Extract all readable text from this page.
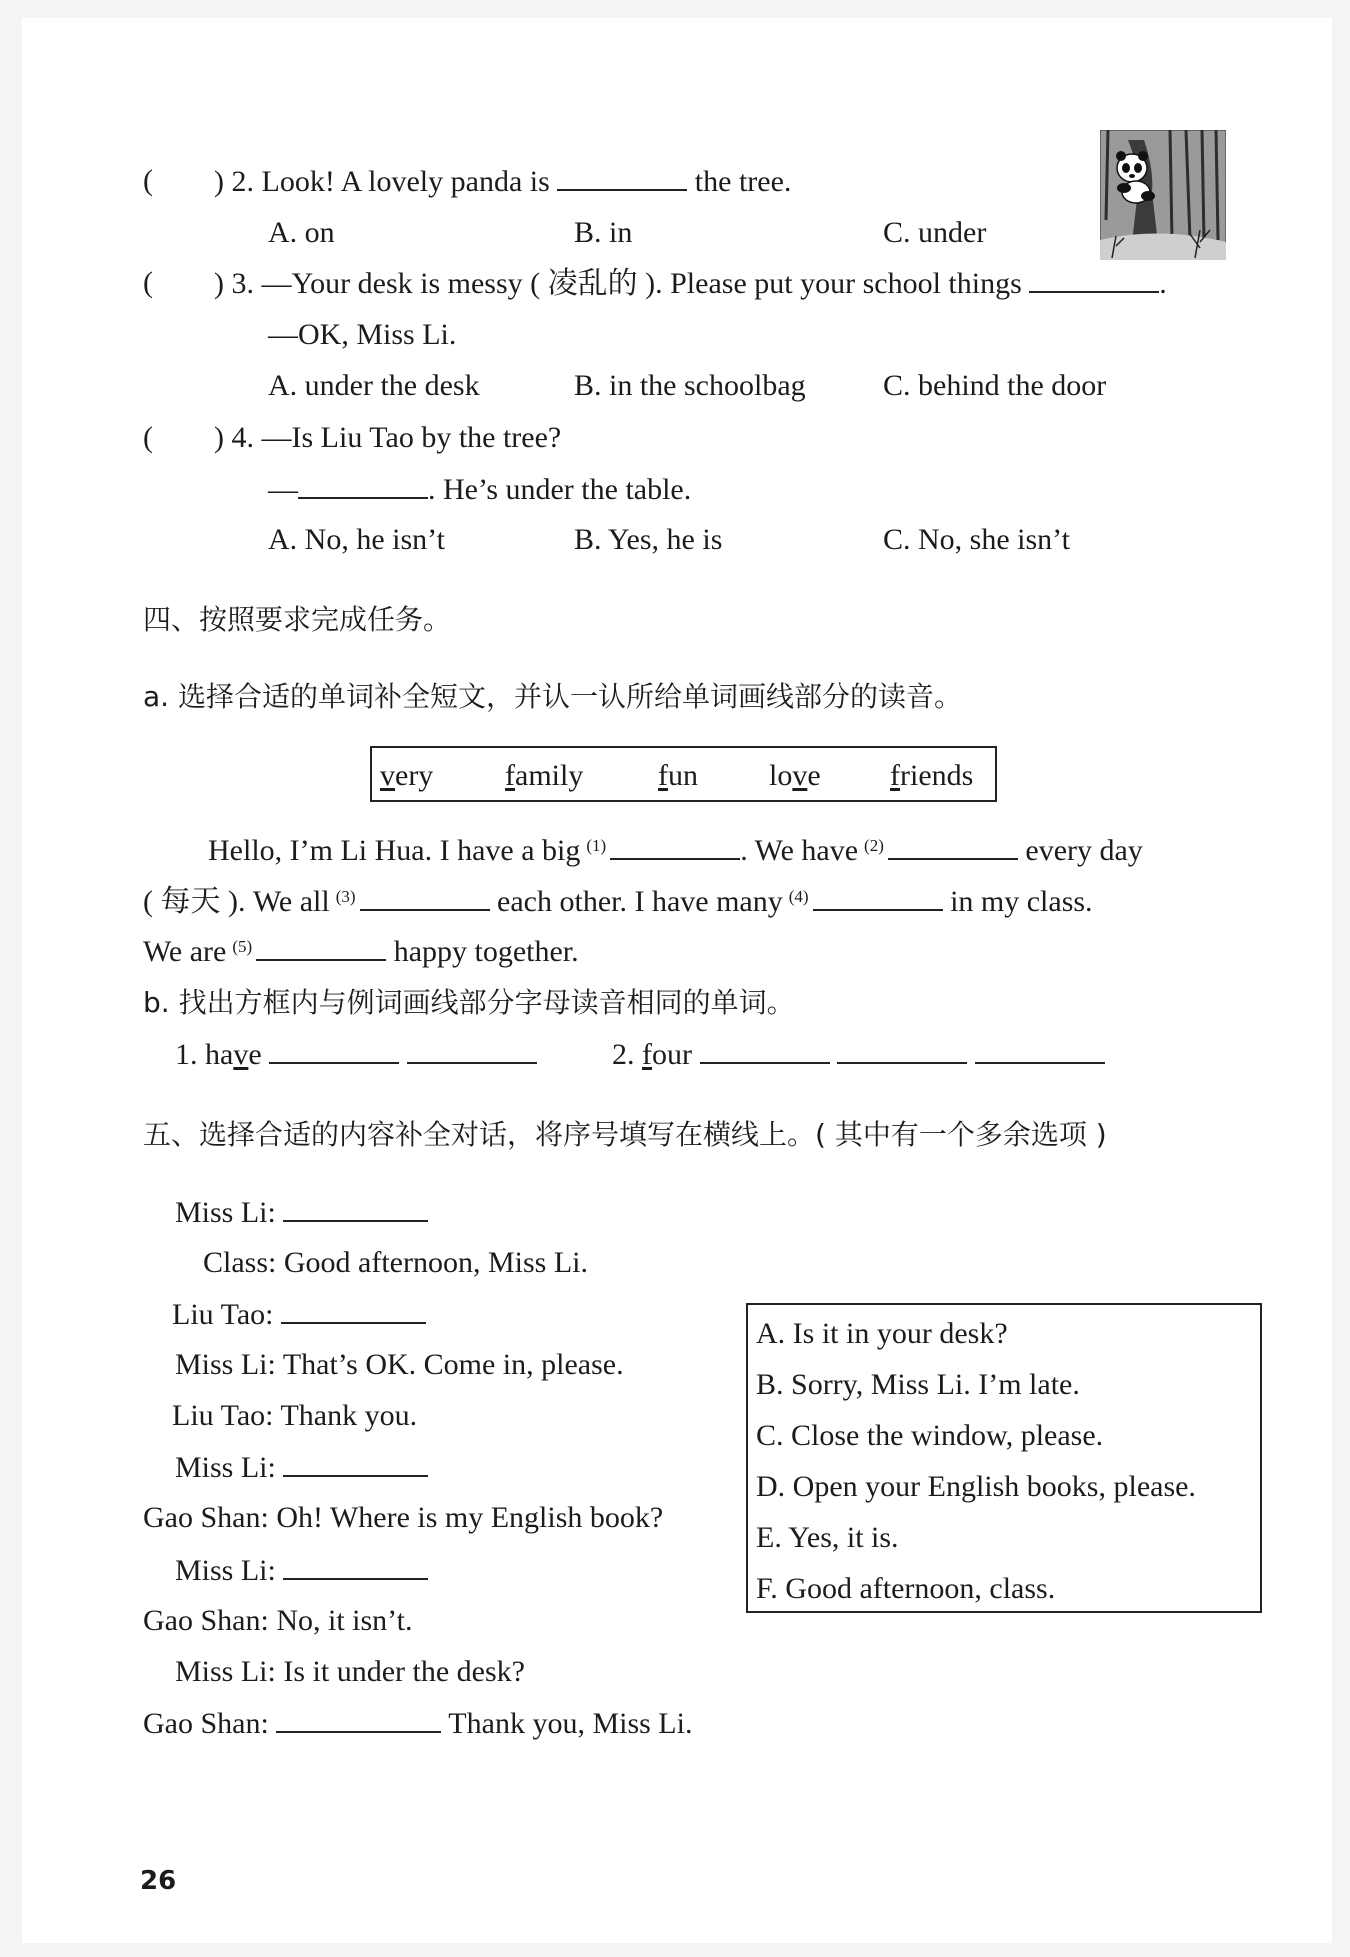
( ) 2. Look! A lovely panda is	the tree.
A. on	B. in	C. under
( ) 3. —Your desk is messy ( 凌乱的 ). Please put your school things	.
—OK, Miss Li.
A. under the desk	B. in the schoolbag	C. behind the door
( ) 4. —Is Liu Tao by the tree?
—	. He’s under the table.
A. No, he isn’t	B. Yes, he is	C. No, she isn’t
四、按照要求完成任务。
a. 选择合适的单词补全短文，并认一认所给单词画线部分的读音。
very family fun love friends
Hello, I’m Li Hua. I have a big $^{(1)}$	. We have $^{(2)}$	every day
( 每天 ). We all $^{(3)}$	each other. I have many $^{(4)}$	in my class.
We are $^{(5)}$	happy together.
b. 找出方框内与例词画线部分字母读音相同的单词。
1. have	2. four
五、选择合适的内容补全对话，将序号填写在横线上。( 其中有一个多余选项 )
Miss Li:
Class: Good afternoon, Miss Li.
Liu Tao:
Miss Li: That’s OK. Come in, please.
Liu Tao: Thank you.
Miss Li:
Gao Shan: Oh! Where is my English book?
Miss Li:
Gao Shan: No, it isn’t.
Miss Li: Is it under the desk?
Gao Shan:	Thank you, Miss Li.
A. Is it in your desk?
B. Sorry, Miss Li. I’m late.
C. Close the window, please.
D. Open your English books, please.
E. Yes, it is.
F. Good afternoon, class.
26
